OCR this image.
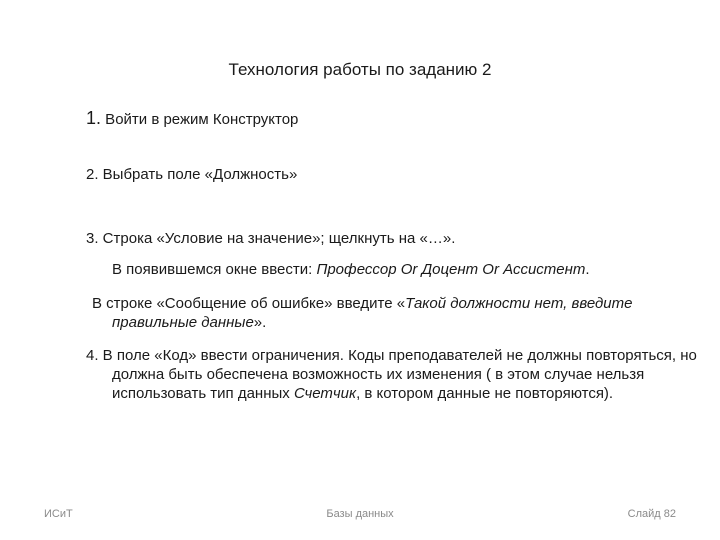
Технология работы по заданию 2
1. Войти в режим Конструктор
2. Выбрать поле «Должность»
3. Строка «Условие на значение»; щелкнуть на «…».
В появившемся окне ввести: Профессор Or Доцент Or Ассистент.
В строке «Сообщение об ошибке» введите «Такой должности нет, введите правильные данные».
4. В поле «Код» ввести ограничения. Коды преподавателей не должны повторяться, но должна быть обеспечена возможность их изменения ( в этом случае нельзя использовать тип данных Счетчик, в котором данные не повторяются).
ИСиТ	Базы данных	Слайд 82
